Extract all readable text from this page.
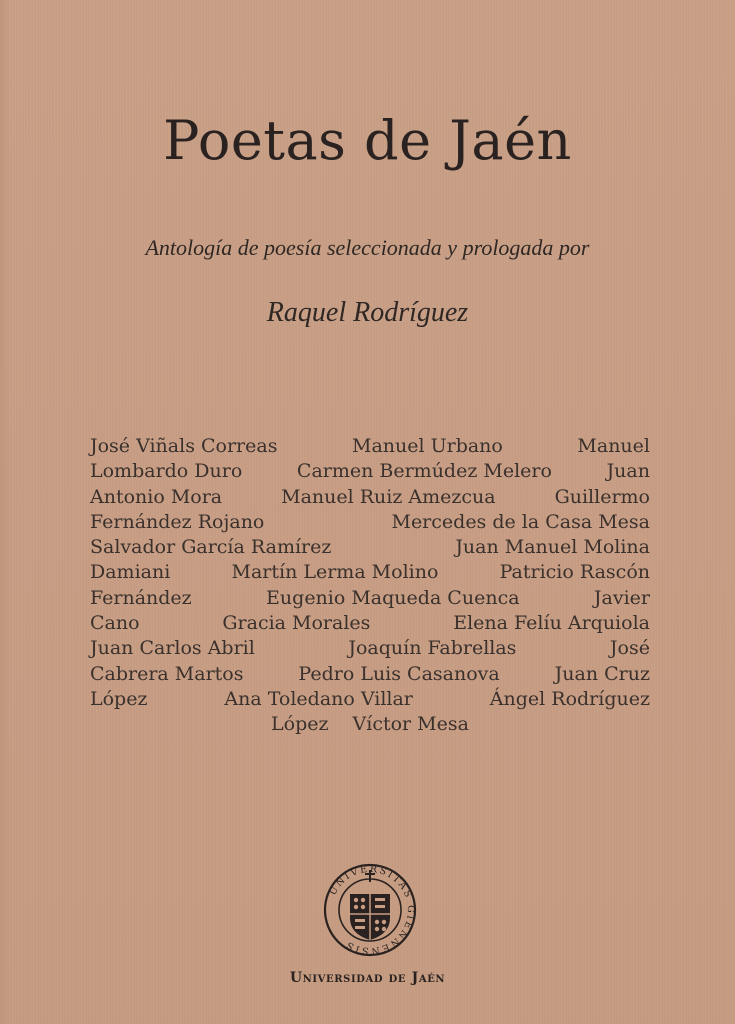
Poetas de Jaén
Antología de poesía seleccionada y prologada por
Raquel Rodríguez
José Viñals Correas	Manuel Urbano	Manuel
Lombardo Duro	Carmen Bermúdez Melero	Juan
Antonio Mora	Manuel Ruiz Amezcua	Guillermo
Fernández Rojano	Mercedes de la Casa Mesa
Salvador García Ramírez	Juan Manuel Molina
Damiani	Martín Lerma Molino	Patricio Rascón
Fernández	Eugenio Maqueda Cuenca	Javier
Cano	Gracia Morales	Elena Felíu Arquiola
Juan Carlos Abril	Joaquín Fabrellas	José
Cabrera Martos	Pedro Luis Casanova	Juan Cruz
López	Ana Toledano Villar	Ángel Rodríguez
López Víctor Mesa
UNIVERSITAS GIENNENSIS
Universidad de Jaén
